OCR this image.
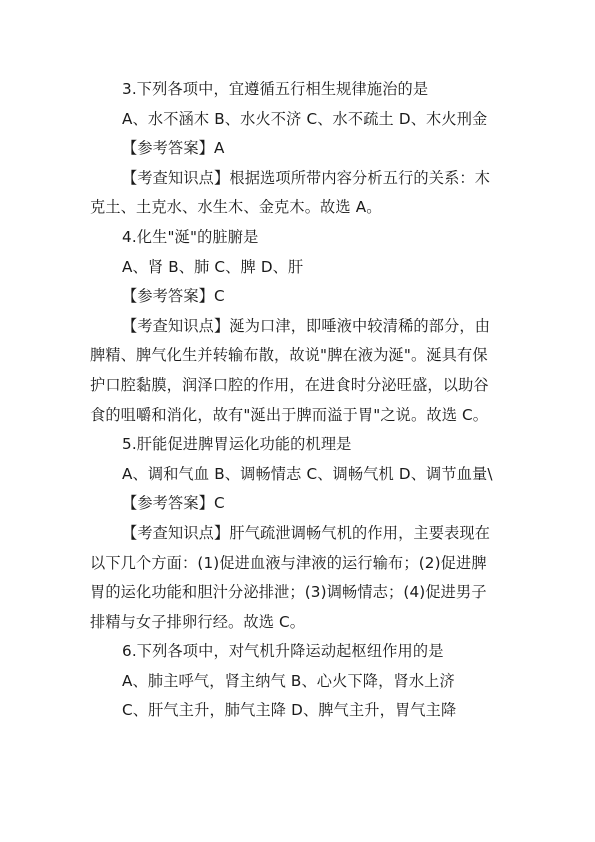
3.下列各项中，宜遵循五行相生规律施治的是
A、水不涵木 B、水火不济 C、水不疏土 D、木火刑金
【参考答案】A
【考查知识点】根据选项所带内容分析五行的关系：木
克土、土克水、水生木、金克木。故选 A。
4.化生"涎"的脏腑是
A、肾 B、肺 C、脾 D、肝
【参考答案】C
【考查知识点】涎为口津，即唾液中较清稀的部分，由
脾精、脾气化生并转输布散，故说"脾在液为涎"。涎具有保
护口腔黏膜，润泽口腔的作用，在进食时分泌旺盛，以助谷
食的咀嚼和消化，故有"涎出于脾而溢于胃"之说。故选 C。
5.肝能促进脾胃运化功能的机理是
A、调和气血 B、调畅情志 C、调畅气机 D、调节血量\
【参考答案】C
【考查知识点】肝气疏泄调畅气机的作用，主要表现在
以下几个方面：(1)促进血液与津液的运行输布；(2)促进脾
胃的运化功能和胆汁分泌排泄；(3)调畅情志；(4)促进男子
排精与女子排卵行经。故选 C。
6.下列各项中，对气机升降运动起枢纽作用的是
A、肺主呼气，肾主纳气 B、心火下降，肾水上济
C、肝气主升，肺气主降 D、脾气主升，胃气主降
